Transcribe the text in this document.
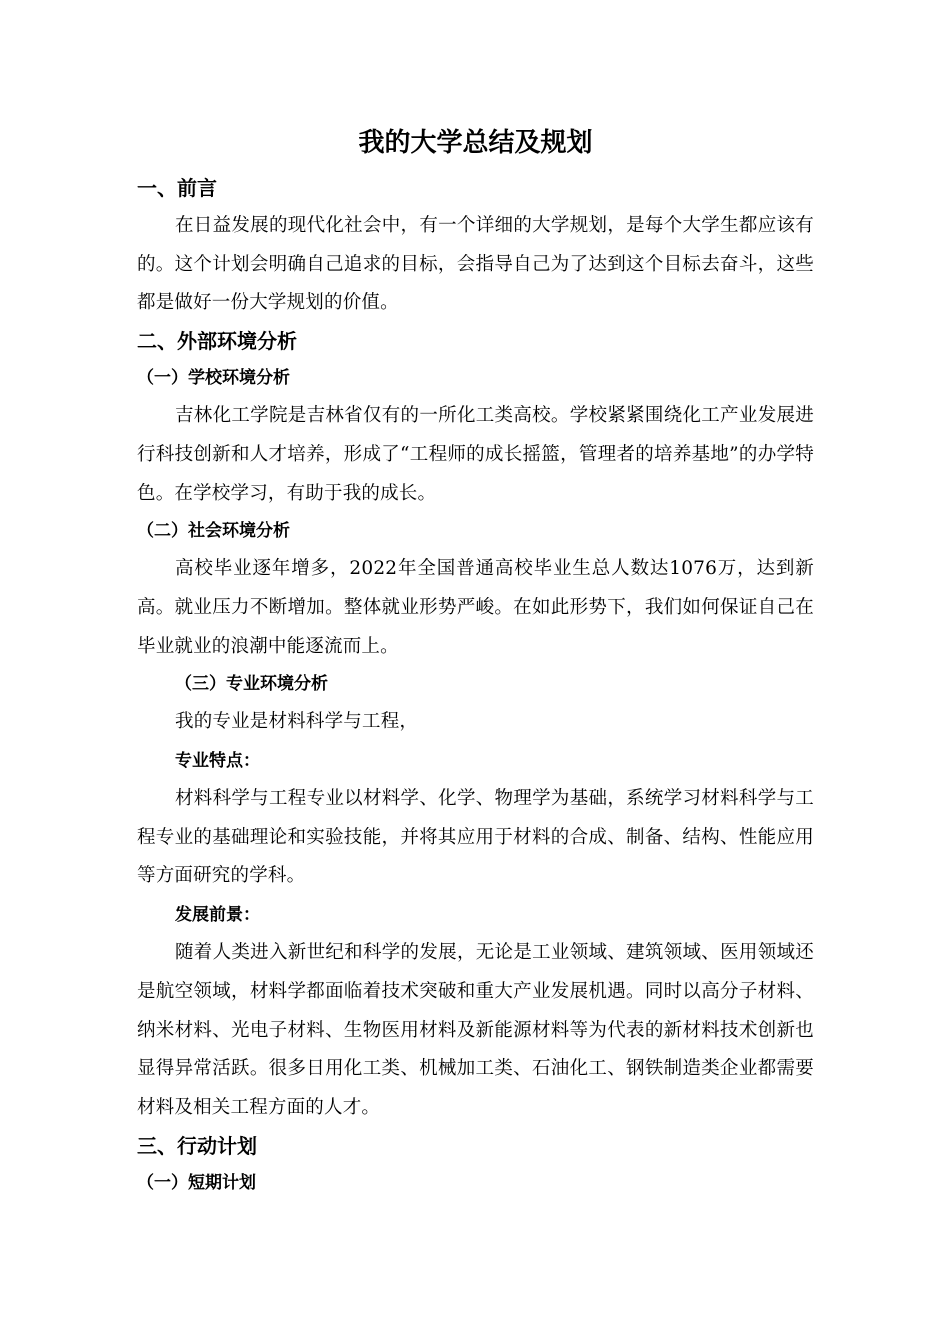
我的大学总结及规划
一、前言

在日益发展的现代化社会中，有一个详细的大学规划，是每个大学生都应该有的。这个计划会明确自己追求的目标，会指导自己为了达到这个目标去奋斗，这些都是做好一份大学规划的价值。

二、外部环境分析
（一）学校环境分析

吉林化工学院是吉林省仅有的一所化工类高校。学校紧紧围绕化工产业发展进行科技创新和人才培养，形成了“工程师的成长摇篮，管理者的培养基地”的办学特色。在学校学习，有助于我的成长。

（二）社会环境分析

高校毕业逐年增多，2022年全国普通高校毕业生总人数达1076万，达到新高。就业压力不断增加。整体就业形势严峻。在如此形势下，我们如何保证自己在毕业就业的浪潮中能逐流而上。

（三）专业环境分析

我的专业是材料科学与工程，

专业特点：

材料科学与工程专业以材料学、化学、物理学为基础，系统学习材料科学与工程专业的基础理论和实验技能，并将其应用于材料的合成、制备、结构、性能应用等方面研究的学科。

发展前景：

随着人类进入新世纪和科学的发展，无论是工业领域、建筑领域、医用领域还是航空领域，材料学都面临着技术突破和重大产业发展机遇。同时以高分子材料、纳米材料、光电子材料、生物医用材料及新能源材料等为代表的新材料技术创新也显得异常活跃。很多日用化工类、机械加工类、石油化工、钢铁制造类企业都需要材料及相关工程方面的人才。

三、行动计划
（一）短期计划
